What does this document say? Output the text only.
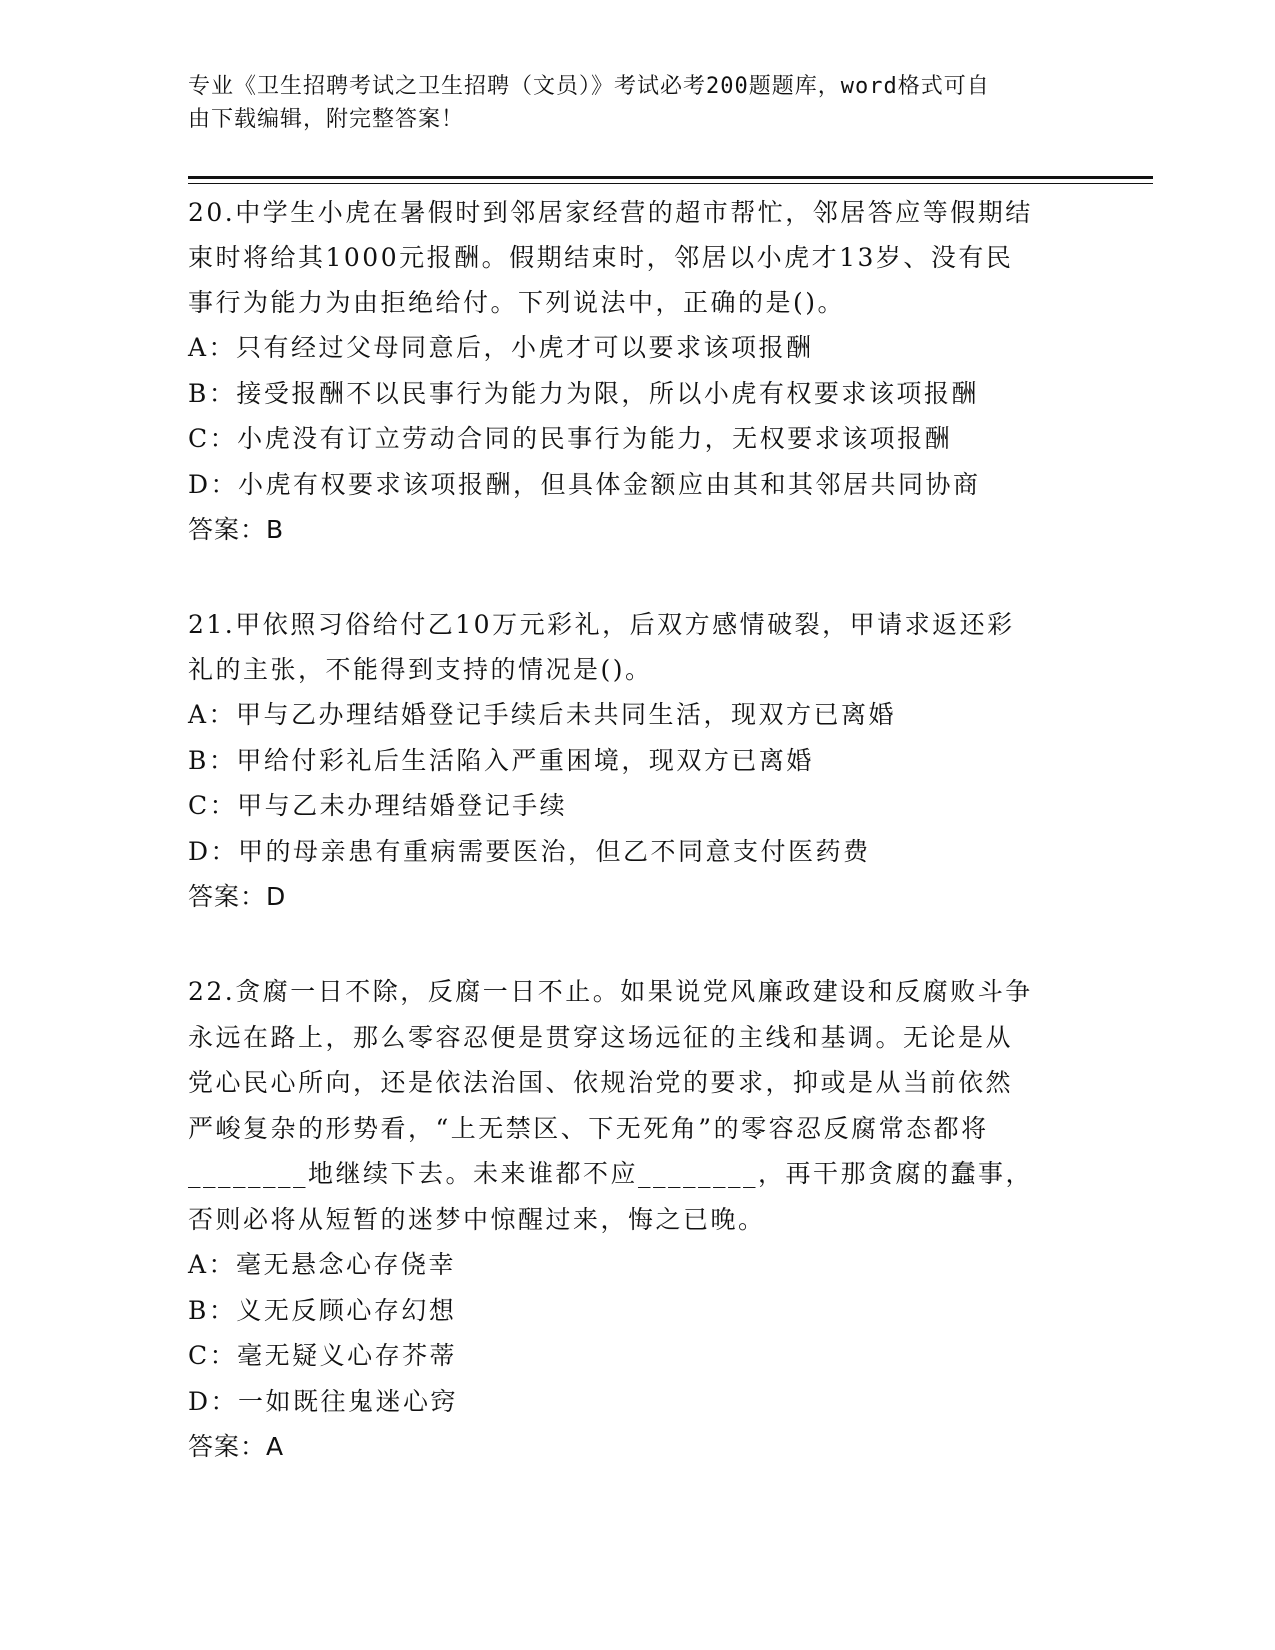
专业《卫生招聘考试之卫生招聘（文员）》考试必考200题题库，word格式可自
由下载编辑，附完整答案！

20.中学生小虎在暑假时到邻居家经营的超市帮忙，邻居答应等假期结

束时将给其1000元报酬。假期结束时，邻居以小虎才13岁、没有民

事行为能力为由拒绝给付。下列说法中，正确的是()。

A：只有经过父母同意后，小虎才可以要求该项报酬

B：接受报酬不以民事行为能力为限，所以小虎有权要求该项报酬

C：小虎没有订立劳动合同的民事行为能力，无权要求该项报酬

D：小虎有权要求该项报酬，但具体金额应由其和其邻居共同协商

答案：B

21.甲依照习俗给付乙10万元彩礼，后双方感情破裂，甲请求返还彩

礼的主张，不能得到支持的情况是()。

A：甲与乙办理结婚登记手续后未共同生活，现双方已离婚

B：甲给付彩礼后生活陷入严重困境，现双方已离婚

C：甲与乙未办理结婚登记手续

D：甲的母亲患有重病需要医治，但乙不同意支付医药费

答案：D

22.贪腐一日不除，反腐一日不止。如果说党风廉政建设和反腐败斗争

永远在路上，那么零容忍便是贯穿这场远征的主线和基调。无论是从

党心民心所向，还是依法治国、依规治党的要求，抑或是从当前依然

严峻复杂的形势看，“上无禁区、下无死角”的零容忍反腐常态都将

________地继续下去。未来谁都不应________，再干那贪腐的蠢事，

否则必将从短暂的迷梦中惊醒过来，悔之已晚。

A：毫无悬念心存侥幸

B：义无反顾心存幻想

C：毫无疑义心存芥蒂

D：一如既往鬼迷心窍

答案：A
